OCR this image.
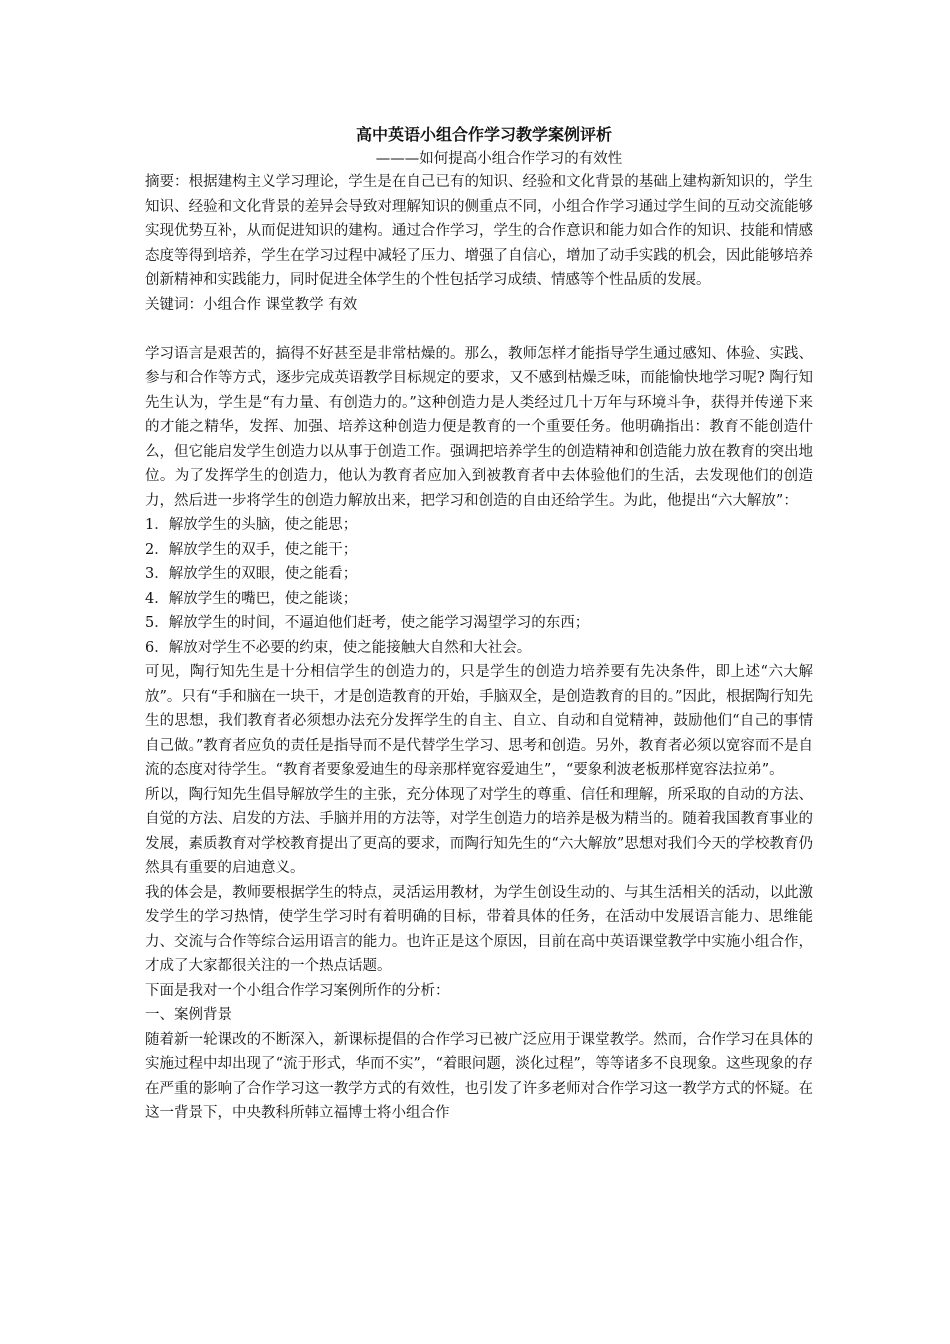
高中英语小组合作学习教学案例评析

———如何提高小组合作学习的有效性

摘要：根据建构主义学习理论，学生是在自己已有的知识、经验和文化背景的基础上建构新知识的，学生知识、经验和文化背景的差异会导致对理解知识的侧重点不同，小组合作学习通过学生间的互动交流能够实现优势互补，从而促进知识的建构。通过合作学习，学生的合作意识和能力如合作的知识、技能和情感态度等得到培养，学生在学习过程中减轻了压力、增强了自信心，增加了动手实践的机会，因此能够培养创新精神和实践能力，同时促进全体学生的个性包括学习成绩、情感等个性品质的发展。

关键词：小组合作 课堂教学 有效

学习语言是艰苦的，搞得不好甚至是非常枯燥的。那么，教师怎样才能指导学生通过感知、体验、实践、参与和合作等方式，逐步完成英语教学目标规定的要求，又不感到枯燥乏味，而能愉快地学习呢? 陶行知先生认为，学生是“有力量、有创造力的。”这种创造力是人类经过几十万年与环境斗争，获得并传递下来的才能之精华，发挥、加强、培养这种创造力便是教育的一个重要任务。他明确指出：教育不能创造什么，但它能启发学生创造力以从事于创造工作。强调把培养学生的创造精神和创造能力放在教育的突出地位。为了发挥学生的创造力，他认为教育者应加入到被教育者中去体验他们的生活，去发现他们的创造力，然后进一步将学生的创造力解放出来，把学习和创造的自由还给学生。为此，他提出“六大解放”：

1．解放学生的头脑，使之能思；

2．解放学生的双手，使之能干；

3．解放学生的双眼，使之能看；

4．解放学生的嘴巴，使之能谈；

5．解放学生的时间，不逼迫他们赶考，使之能学习渴望学习的东西；

6．解放对学生不必要的约束，使之能接触大自然和大社会。

可见，陶行知先生是十分相信学生的创造力的，只是学生的创造力培养要有先决条件，即上述“六大解放”。只有“手和脑在一块干，才是创造教育的开始，手脑双全，是创造教育的目的。”因此，根据陶行知先生的思想，我们教育者必须想办法充分发挥学生的自主、自立、自动和自觉精神，鼓励他们“自己的事情自己做。”教育者应负的责任是指导而不是代替学生学习、思考和创造。另外，教育者必须以宽容而不是自流的态度对待学生。“教育者要象爱迪生的母亲那样宽容爱迪生”，“要象利波老板那样宽容法拉弟”。

所以，陶行知先生倡导解放学生的主张，充分体现了对学生的尊重、信任和理解，所采取的自动的方法、自觉的方法、启发的方法、手脑并用的方法等，对学生创造力的培养是极为精当的。随着我国教育事业的发展，素质教育对学校教育提出了更高的要求，而陶行知先生的“六大解放”思想对我们今天的学校教育仍然具有重要的启迪意义。

我的体会是，教师要根据学生的特点，灵活运用教材，为学生创设生动的、与其生活相关的活动，以此激发学生的学习热情，使学生学习时有着明确的目标，带着具体的任务，在活动中发展语言能力、思维能力、交流与合作等综合运用语言的能力。也许正是这个原因，目前在高中英语课堂教学中实施小组合作，才成了大家都很关注的一个热点话题。

下面是我对一个小组合作学习案例所作的分析：

一、案例背景

随着新一轮课改的不断深入，新课标提倡的合作学习已被广泛应用于课堂教学。然而，合作学习在具体的实施过程中却出现了“流于形式，华而不实”，“着眼问题，淡化过程”，等等诸多不良现象。这些现象的存在严重的影响了合作学习这一教学方式的有效性，也引发了许多老师对合作学习这一教学方式的怀疑。在这一背景下，中央教科所韩立福博士将小组合作
